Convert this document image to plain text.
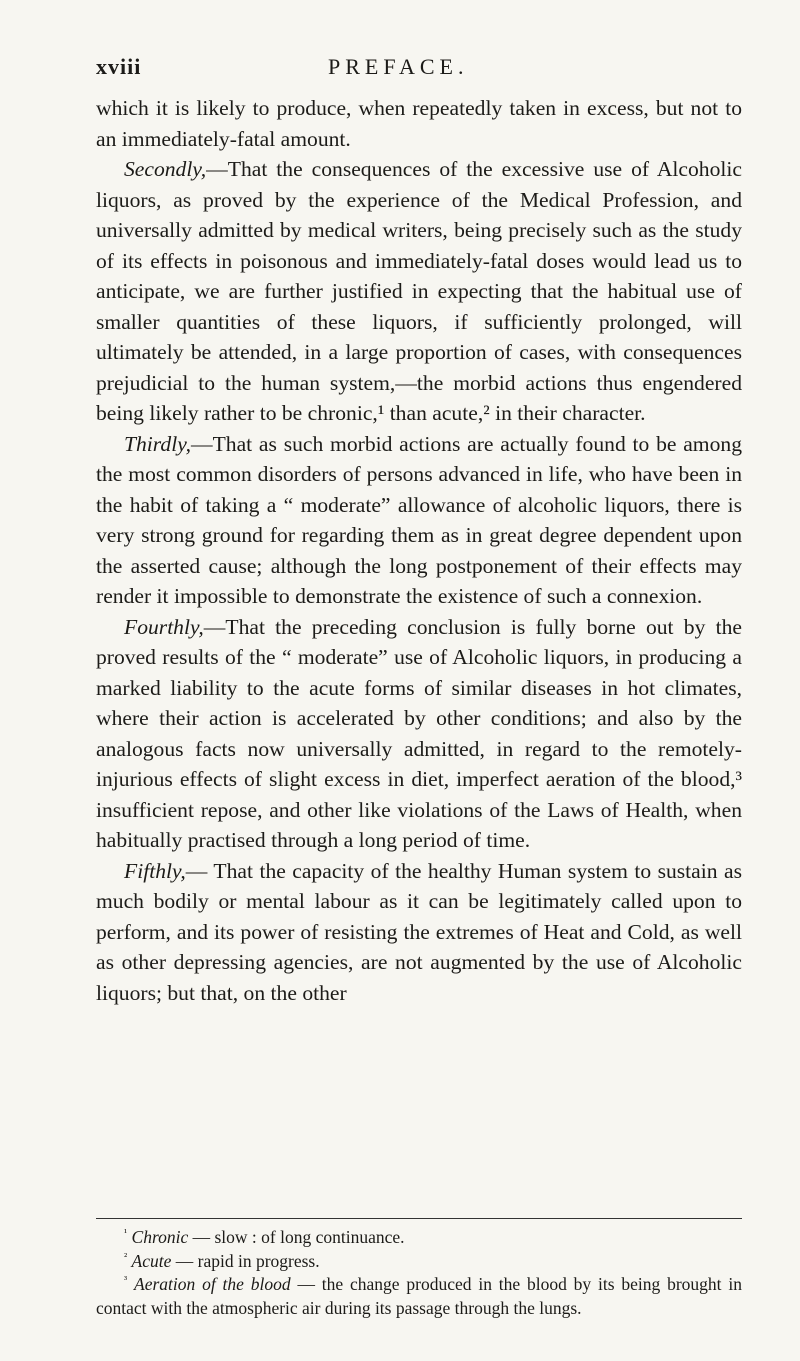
xviii	PREFACE.

which it is likely to produce, when repeatedly taken in excess, but not to an immediately-fatal amount.

Secondly,—That the consequences of the excessive use of Alcoholic liquors, as proved by the experience of the Medical Profession, and universally admitted by medical writers, being precisely such as the study of its effects in poisonous and immediately-fatal doses would lead us to anticipate, we are further justified in expecting that the habitual use of smaller quantities of these liquors, if sufficiently prolonged, will ultimately be attended, in a large proportion of cases, with consequences prejudicial to the human system,—the morbid actions thus engendered being likely rather to be chronic,¹ than acute,² in their character.

Thirdly,—That as such morbid actions are actually found to be among the most common disorders of persons advanced in life, who have been in the habit of taking a “ moderate” allowance of alcoholic liquors, there is very strong ground for regarding them as in great degree dependent upon the asserted cause; although the long postponement of their effects may render it impossible to demonstrate the existence of such a connexion.

Fourthly,—That the preceding conclusion is fully borne out by the proved results of the “ moderate” use of Alcoholic liquors, in producing a marked liability to the acute forms of similar diseases in hot climates, where their action is accelerated by other conditions; and also by the analogous facts now universally admitted, in regard to the remotely-injurious effects of slight excess in diet, imperfect aeration of the blood,³ insufficient repose, and other like violations of the Laws of Health, when habitually practised through a long period of time.

Fifthly,— That the capacity of the healthy Human system to sustain as much bodily or mental labour as it can be legitimately called upon to perform, and its power of resisting the extremes of Heat and Cold, as well as other depressing agencies, are not augmented by the use of Alcoholic liquors; but that, on the other

$^{^1}$ Chronic — slow : of long continuance.

$^{^2}$ Acute — rapid in progress.

$^{^3}$ Aeration of the blood — the change produced in the blood by its being brought in contact with the atmospheric air during its passage through the lungs.
